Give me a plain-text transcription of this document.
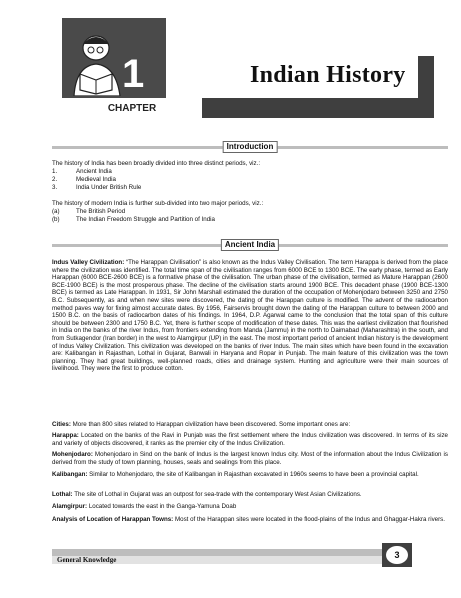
1
CHAPTER
Indian History
Introduction
The history of India has been broadly divided into three distinct periods, viz.:
1.	Ancient India
2.	Medieval India
3.	India Under British Rule
The history of modern India is further sub-divided into two major periods, viz.:
(a)	The British Period
(b)	The Indian Freedom Struggle and Partition of India
Ancient India
Indus Valley Civilization: “The Harappan Civilisation” is also known as the Indus Valley Civilisation. The term Harappa is derived from the place where the civilization was identified. The total time span of the civilisation ranges from 6000 BCE to 1300 BCE. The early phase, termed as Early Harappan (6000 BCE-2600 BCE) is a formative phase of the civilisation. The urban phase of the civilisation, termed as Mature Harappan (2600 BCE-1900 BCE) is the most prosperous phase. The decline of the civilisation starts around 1900 BCE. This decadent phase (1900 BCE-1300 BCE) is termed as Late Harappan. In 1931, Sir John Marshall estimated the duration of the occupation of Mohenjodaro between 3250 and 2750 B.C. Subsequently, as and when new sites were discovered, the dating of the Harappan culture is modified. The advent of the radiocarbon method paves way for fixing almost accurate dates. By 1956, Fairservis brought down the dating of the Harappan culture to between 2000 and 1500 B.C. on the basis of radiocarbon dates of his findings. In 1964, D.P. Agarwal came to the conclusion that the total span of this culture should be between 2300 and 1750 B.C. Yet, there is further scope of modification of these dates. This was the earliest civilization that flourished in India on the banks of the river Indus, from frontiers extending from Manda (Jammu) in the north to Daimabad (Maharashtra) in the south, and from Sutkagendor (Iran border) in the west to Alamgirpur (UP) in the east. The most important period of ancient Indian history is the development of Indus Valley Civilization. This civilization was developed on the banks of river Indus. The main sites which have been found in the excavation are: Kalibangan in Rajasthan, Lothal in Gujarat, Banwali in Haryana and Ropar in Punjab. The main feature of this civilization was the town planning. They had great buildings, well-planned roads, cities and drainage system. Hunting and agriculture were their main sources of livelihood. They were the first to produce cotton.
Cities: More than 800 sites related to Harappan civilization have been discovered. Some important ones are:
Harappa: Located on the banks of the Ravi in Punjab was the first settlement where the Indus civilization was discovered. In terms of its size and variety of objects discovered, it ranks as the premier city of the Indus Civilization.
Mohenjodaro: Mohenjodaro in Sind on the bank of Indus is the largest known Indus city. Most of the information about the Indus Civilization is derived from the study of town planning, houses, seals and sealings from this place.
Kalibangan: Similar to Mohenjodaro, the site of Kalibangan in Rajasthan excavated in 1960s seems to have been a provincial capital.
Lothal: The site of Lothal in Gujarat was an outpost for sea-trade with the contemporary West Asian Civilizations.
Alamgirpur: Located towards the east in the Ganga-Yamuna Doab
Analysis of Location of Harappan Towns: Most of the Harappan sites were located in the flood-plains of the Indus and Ghaggar-Hakra rivers.
General Knowledge	3
